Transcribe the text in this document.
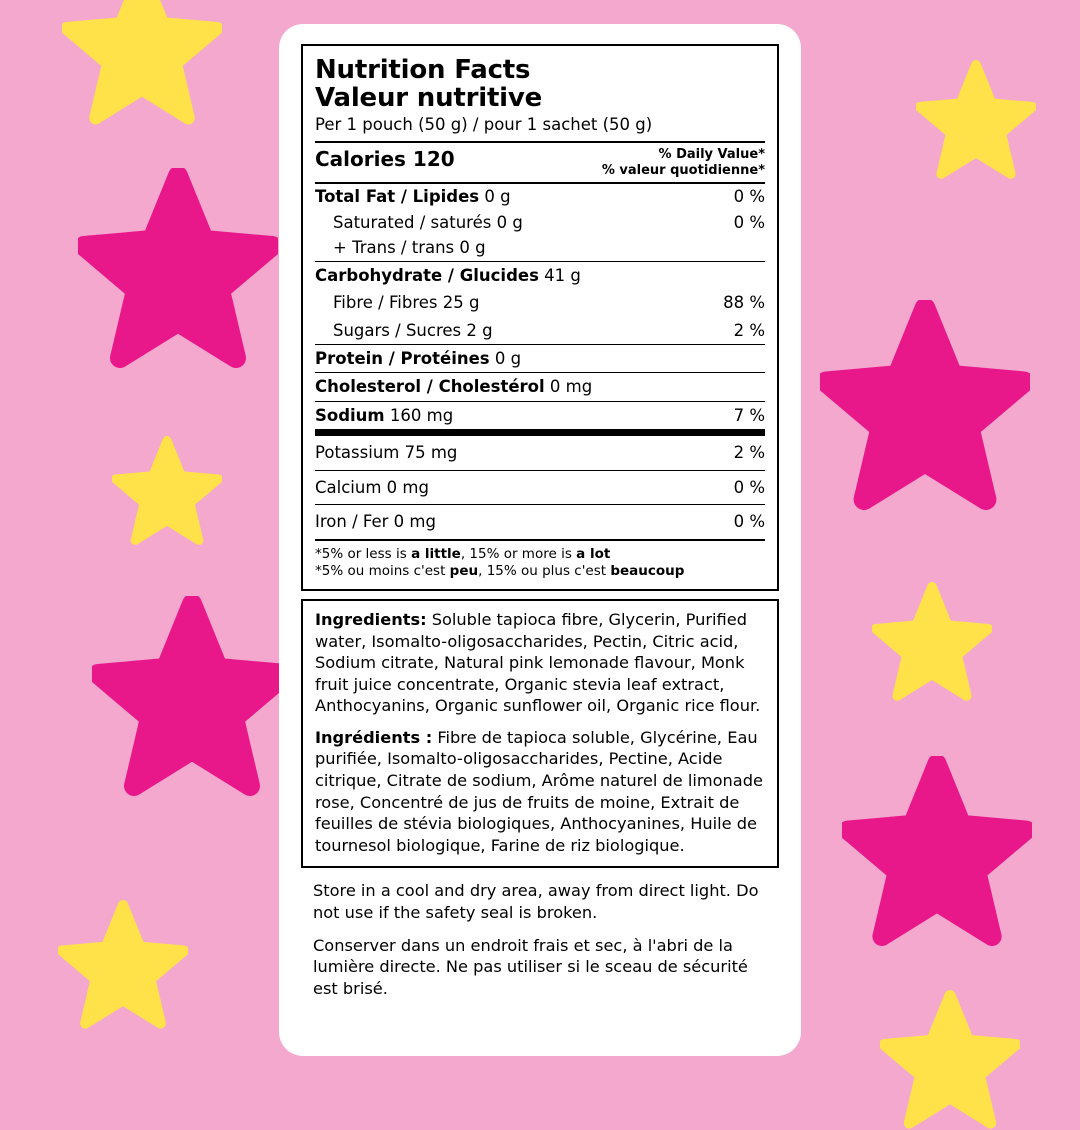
Nutrition Facts
Valeur nutritive
Per 1 pouch (50 g) / pour 1 sachet (50 g)
Calories 120	% Daily Value*
% valeur quotidienne*
Total Fat / Lipides 0 g	0 %
Saturated / saturés 0 g	0 %
+ Trans / trans 0 g
Carbohydrate / Glucides 41 g
Fibre / Fibres 25 g	88 %
Sugars / Sucres 2 g	2 %
Protein / Protéines 0 g
Cholesterol / Cholestérol 0 mg
Sodium 160 mg	7 %
Potassium 75 mg	2 %
Calcium 0 mg	0 %
Iron / Fer 0 mg	0 %
*5% or less is a little, 15% or more is a lot
*5% ou moins c'est peu, 15% ou plus c'est beaucoup

Ingredients: Soluble tapioca fibre, Glycerin, Purified water, Isomalto-oligosaccharides, Pectin, Citric acid, Sodium citrate, Natural pink lemonade flavour, Monk fruit juice concentrate, Organic stevia leaf extract, Anthocyanins, Organic sunflower oil, Organic rice flour.

Ingrédients : Fibre de tapioca soluble, Glycérine, Eau purifiée, Isomalto-oligosaccharides, Pectine, Acide citrique, Citrate de sodium, Arôme naturel de limonade rose, Concentré de jus de fruits de moine, Extrait de feuilles de stévia biologiques, Anthocyanines, Huile de tournesol biologique, Farine de riz biologique.

Store in a cool and dry area, away from direct light. Do not use if the safety seal is broken.

Conserver dans un endroit frais et sec, à l'abri de la lumière directe. Ne pas utiliser si le sceau de sécurité est brisé.
